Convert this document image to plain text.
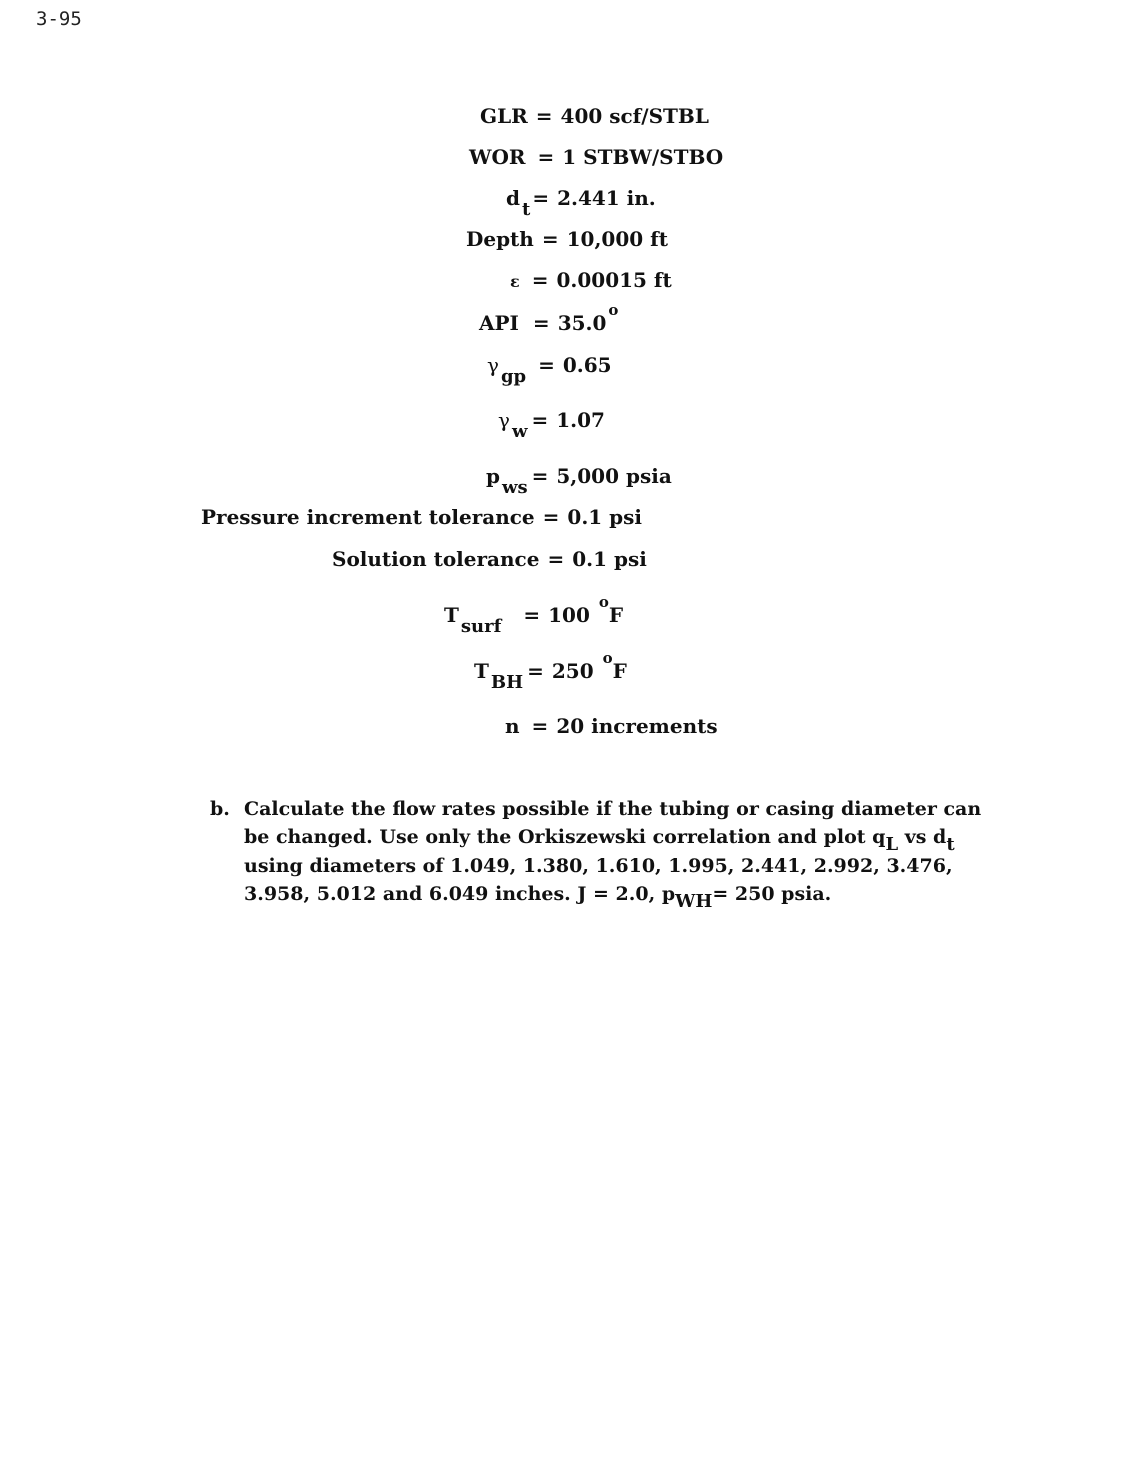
3-95
GLR = 400 scf/STBL
WOR = 1 STBW/STBO
d t = 2.441 in.
Depth = 10,000 ft
ε = 0.00015 ft
API = $35.0^o$
γ gp = 0.65
γ w = 1.07
p ws = 5,000 psia
Pressure increment tolerance = 0.1 psi
Solution tolerance = 0.1 psi
T surf = 100 $^o$F
T BH = 250 $^o$F
n = 20 increments
b. Calculate the flow rates possible if the tubing or casing diameter can
be changed. Use only the Orkiszewski correlation and plot qL vs dt
using diameters of 1.049, 1.380, 1.610, 1.995, 2.441, 2.992, 3.476,
3.958, 5.012 and 6.049 inches. J = 2.0, pWH= 250 psia.
